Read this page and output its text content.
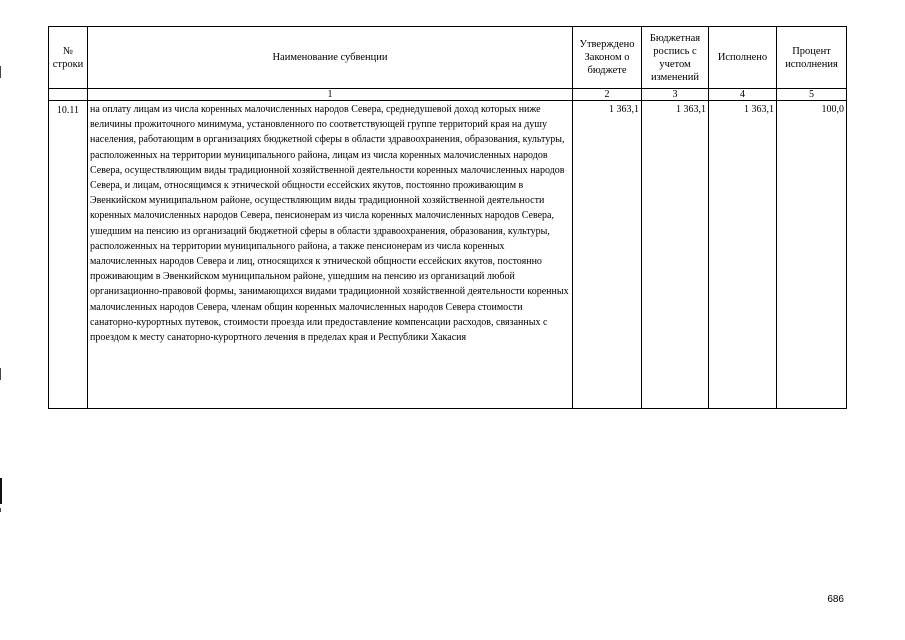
№ строки	Наименование субвенции	Утверждено Законом о бюджете	Бюджетная роспись с учетом изменений	Исполнено	Процент исполнения
	1	2	3	4	5
10.11	на оплату лицам из числа коренных малочисленных народов Севера, среднедушевой доход которых ниже величины прожиточного минимума, установленного по соответствующей группе территорий края на душу населения, работающим в организациях бюджетной сферы в области здравоохранения, образования, культуры, расположенных на территории муниципального района, лицам из числа коренных малочисленных народов Севера, осуществляющим виды традиционной хозяйственной деятельности коренных малочисленных народов Севера, и лицам, относящимся к этнической общности ессейских якутов, постоянно проживающим в Эвенкийском муниципальном районе, осуществляющим виды традиционной хозяйственной деятельности коренных малочисленных народов Севера, пенсионерам из числа коренных малочисленных народов Севера, ушедшим на пенсию из организаций бюджетной сферы в области здравоохранения, образования, культуры, расположенных на территории муниципального района, а также пенсионерам из числа коренных малочисленных народов Севера и лиц, относящихся к этнической общности ессейских якутов, постоянно проживающим в Эвенкийском муниципальном районе, ушедшим на пенсию из организаций любой организационно-правовой формы, занимающихся видами традиционной хозяйственной деятельности коренных малочисленных народов Севера, членам общин коренных малочисленных народов Севера стоимости санаторно-курортных путевок, стоимости проезда или предоставление компенсации расходов, связанных с проездом к месту санаторно-курортного лечения в пределах края и Республики Хакасия	1 363,1	1 363,1	1 363,1	100,0
686
